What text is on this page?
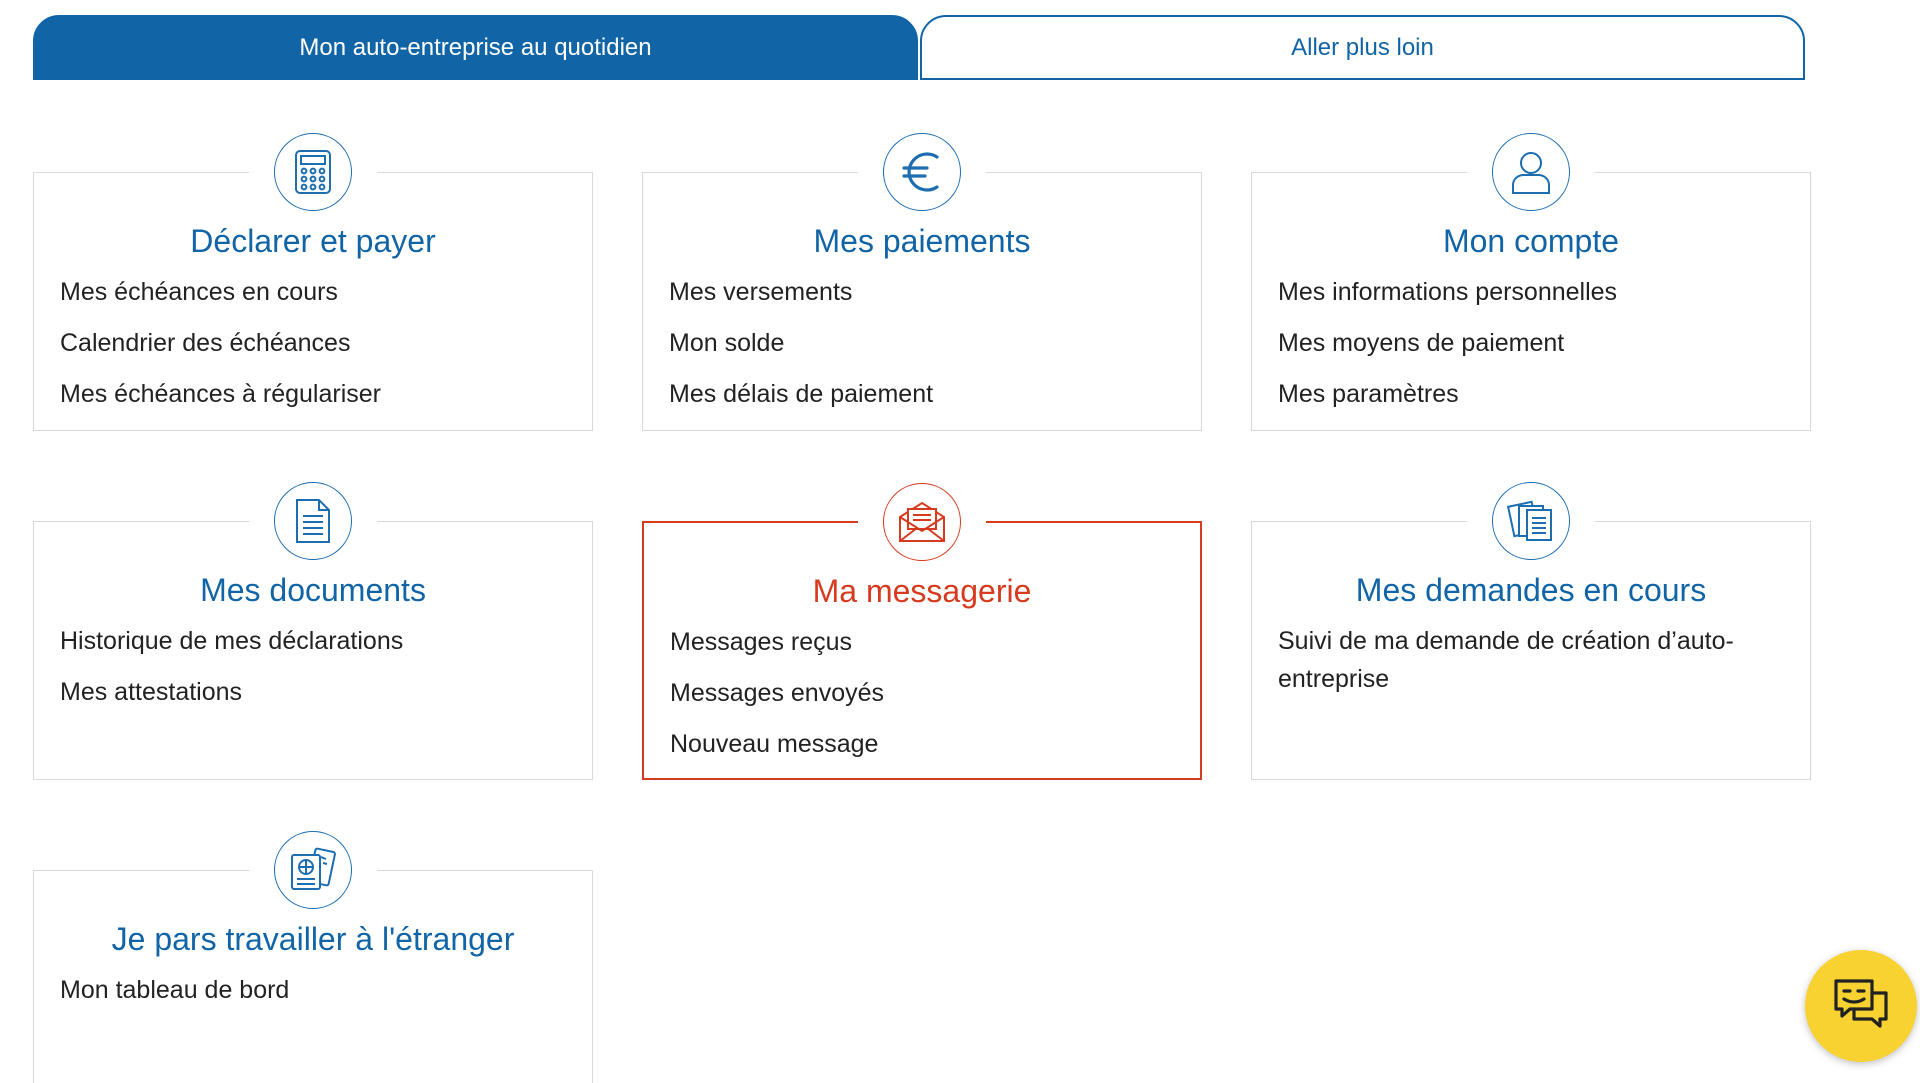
Mon auto-entreprise au quotidien	Aller plus loin
Déclarer et payer
Mes échéances en cours
Calendrier des échéances
Mes échéances à régulariser
Mes paiements
Mes versements
Mon solde
Mes délais de paiement
Mon compte
Mes informations personnelles
Mes moyens de paiement
Mes paramètres
Mes documents
Historique de mes déclarations
Mes attestations
Ma messagerie
Messages reçus
Messages envoyés
Nouveau message
Mes demandes en cours
Suivi de ma demande de création d’auto-entreprise
Je pars travailler à l'étranger
Mon tableau de bord
